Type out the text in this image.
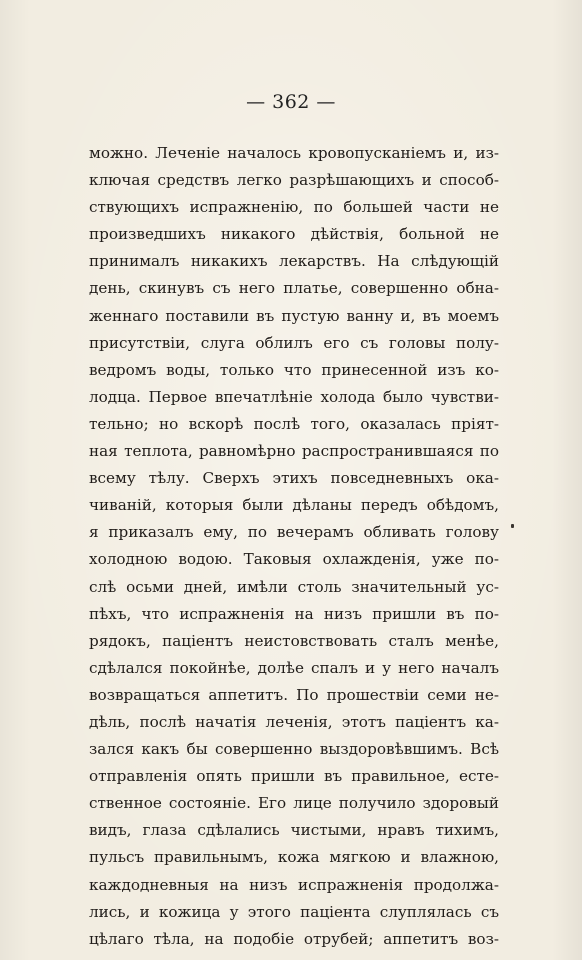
— 362 —
можно. Леченіе началось кровопусканіемъ и, из-
ключая средствъ легко разрѣшающихъ и способ-
ствующихъ испражненію, по большей части не
произведшихъ никакого дѣйствія, больной не
принималъ никакихъ лекарствъ. На слѣдующій
день, скинувъ съ него платье, совершенно обна-
женнаго поставили въ пустую ванну и, въ моемъ
присутствіи, слуга облилъ его съ головы полу-
ведромъ воды, только что принесенной изъ ко-
лодца. Первое впечатлѣніе холода было чувстви-
тельно; но вскорѣ послѣ того, оказалась пріят-
ная теплота, равномѣрно распространившаяся по
всему тѣлу. Сверхъ этихъ повседневныхъ ока-
чиваній, которыя были дѣланы передъ обѣдомъ,
я приказалъ ему, по вечерамъ обливать голову
холодною водою. Таковыя охлажденія, уже по-
слѣ осьми дней, имѣли столь значительный ус-
пѣхъ, что испражненія на низъ пришли въ по-
рядокъ, паціентъ неистовствовать сталъ менѣе,
сдѣлался покойнѣе, долѣе спалъ и у него началъ
возвращаться аппетитъ. По прошествіи семи не-
дѣль, послѣ начатія леченія, этотъ паціентъ ка-
зался какъ бы совершенно выздоровѣвшимъ. Всѣ
отправленія опять пришли въ правильное, есте-
ственное состояніе. Его лице получило здоровый
видъ, глаза сдѣлались чистыми, нравъ тихимъ,
пульсъ правильнымъ, кожа мягкою и влажною,
каждодневныя на низъ испражненія продолжа-
лись, и кожица у этого паціента слуплялась съ
цѣлаго тѣла, на подобіе отрубей; аппетитъ воз-
